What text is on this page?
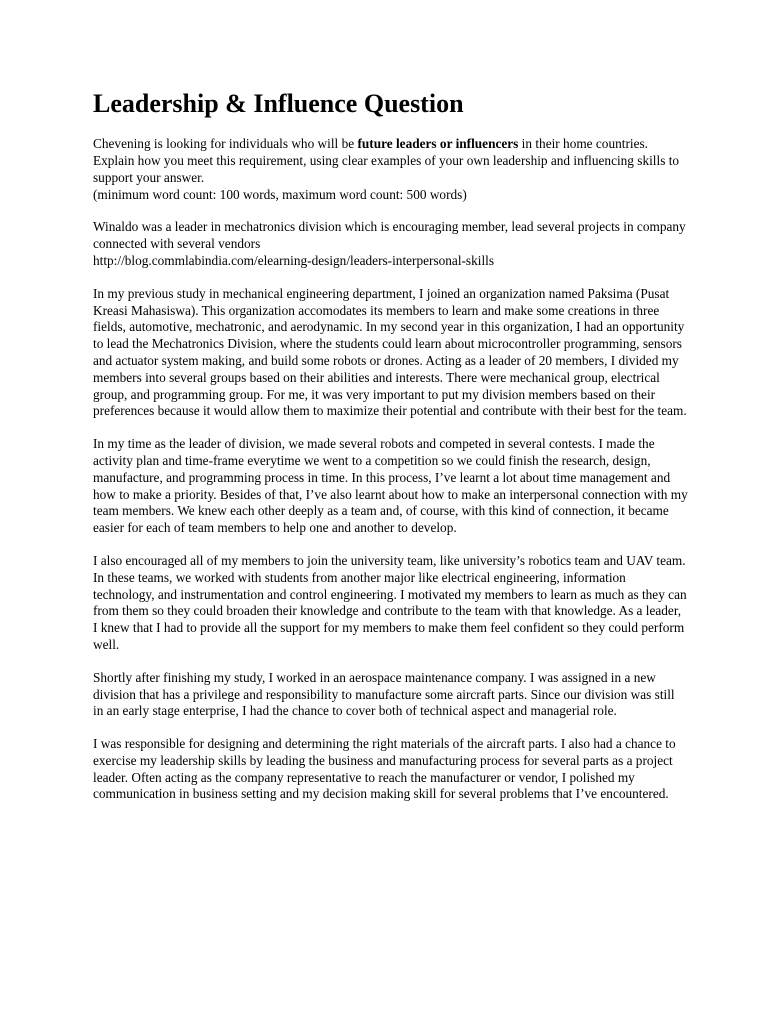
Leadership & Influence Question

Chevening is looking for individuals who will be future leaders or influencers in their home countries. Explain how you meet this requirement, using clear examples of your own leadership and influencing skills to support your answer.
(minimum word count: 100 words, maximum word count: 500 words)

Winaldo was a leader in mechatronics division which is encouraging member, lead several projects in company connected with several vendors
http://blog.commlabindia.com/elearning-design/leaders-interpersonal-skills

In my previous study in mechanical engineering department, I joined an organization named Paksima (Pusat Kreasi Mahasiswa). This organization accomodates its members to learn and make some creations in three fields, automotive, mechatronic, and aerodynamic. In my second year in this organization, I had an opportunity to lead the Mechatronics Division, where the students could learn about microcontroller programming, sensors and actuator system making, and build some robots or drones. Acting as a leader of 20 members, I divided my members into several groups based on their abilities and interests. There were mechanical group, electrical group, and programming group. For me, it was very important to put my division members based on their preferences because it would allow them to maximize their potential and contribute with their best for the team.

In my time as the leader of division, we made several robots and competed in several contests. I made the activity plan and time-frame everytime we went to a competition so we could finish the research, design, manufacture, and programming process in time. In this process, I’ve learnt a lot about time management and how to make a priority. Besides of that, I’ve also learnt about how to make an interpersonal connection with my team members. We knew each other deeply as a team and, of course, with this kind of connection, it became easier for each of team members to help one and another to develop.

I also encouraged all of my members to join the university team, like university’s robotics team and UAV team. In these teams, we worked with students from another major like electrical engineering, information technology, and instrumentation and control engineering. I motivated my members to learn as much as they can from them so they could broaden their knowledge and contribute to the team with that knowledge. As a leader, I knew that I had to provide all the support for my members to make them feel confident so they could perform well.

Shortly after finishing my study, I worked in an aerospace maintenance company. I was assigned in a new division that has a privilege and responsibility to manufacture some aircraft parts. Since our division was still in an early stage enterprise, I had the chance to cover both of technical aspect and managerial role.

I was responsible for designing and determining the right materials of the aircraft parts. I also had a chance to exercise my leadership skills by leading the business and manufacturing process for several parts as a project leader. Often acting as the company representative to reach the manufacturer or vendor, I polished my communication in business setting and my decision making skill for several problems that I’ve encountered.
